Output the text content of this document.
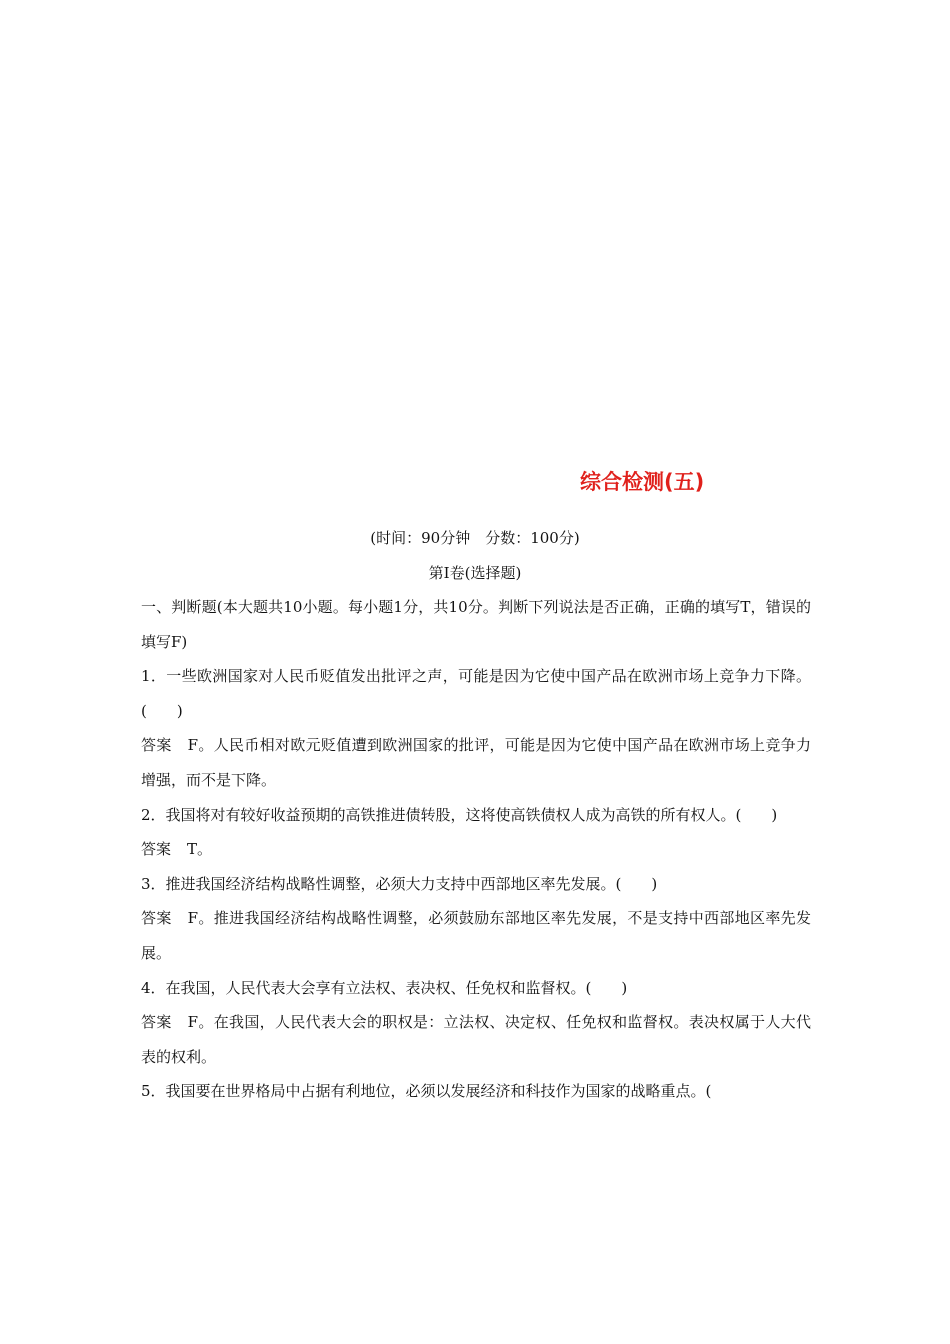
综合检测(五)
(时间：90分钟　分数：100分)
第Ⅰ卷(选择题)

一、判断题(本大题共10小题。每小题1分，共10分。判断下列说法是否正确，正确的填写T，错误的填写F)

1．一些欧洲国家对人民币贬值发出批评之声，可能是因为它使中国产品在欧洲市场上竞争力下降。(　　)

答案 F。人民币相对欧元贬值遭到欧洲国家的批评，可能是因为它使中国产品在欧洲市场上竞争力增强，而不是下降。

2．我国将对有较好收益预期的高铁推进债转股，这将使高铁债权人成为高铁的所有权人。(　　)

答案 T。

3．推进我国经济结构战略性调整，必须大力支持中西部地区率先发展。(　　)

答案 F。推进我国经济结构战略性调整，必须鼓励东部地区率先发展，不是支持中西部地区率先发展。

4．在我国，人民代表大会享有立法权、表决权、任免权和监督权。(　　)

答案 F。在我国，人民代表大会的职权是：立法权、决定权、任免权和监督权。表决权属于人大代表的权利。

5．我国要在世界格局中占据有利地位，必须以发展经济和科技作为国家的战略重点。(
